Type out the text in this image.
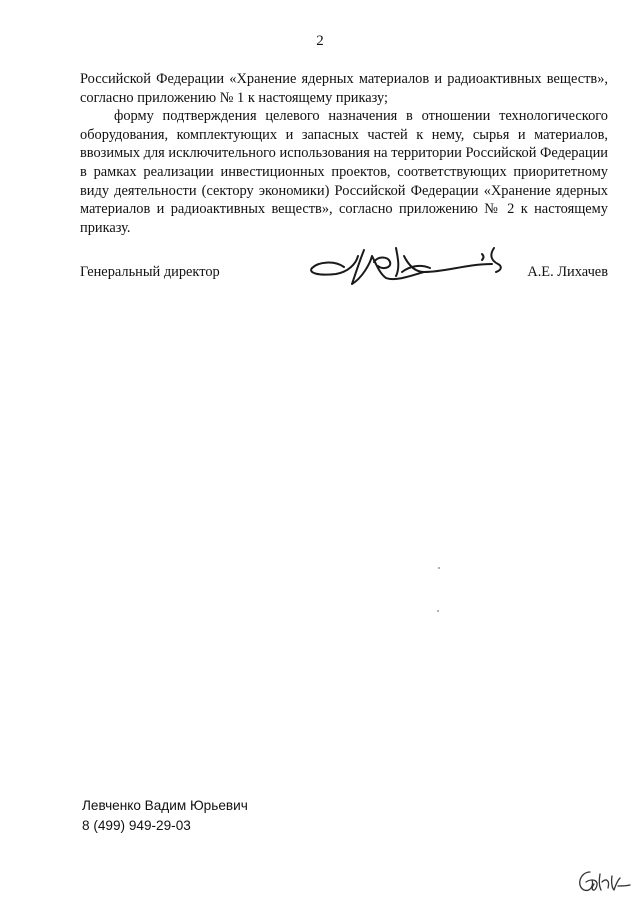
2

Российской Федерации «Хранение ядерных материалов и радиоактивных веществ», согласно приложению № 1 к настоящему приказу;

форму подтверждения целевого назначения в отношении технологического оборудования, комплектующих и запасных частей к нему, сырья и материалов, ввозимых для исключительного использования на территории Российской Федерации в рамках реализации инвестиционных проектов, соответствующих приоритетному виду деятельности (сектору экономики) Российской Федерации «Хранение ядерных материалов и радиоактивных веществ», согласно приложению № 2 к настоящему приказу.

Генеральный директор	А.Е. Лихачев
Левченко Вадим Юрьевич
8 (499) 949-29-03
